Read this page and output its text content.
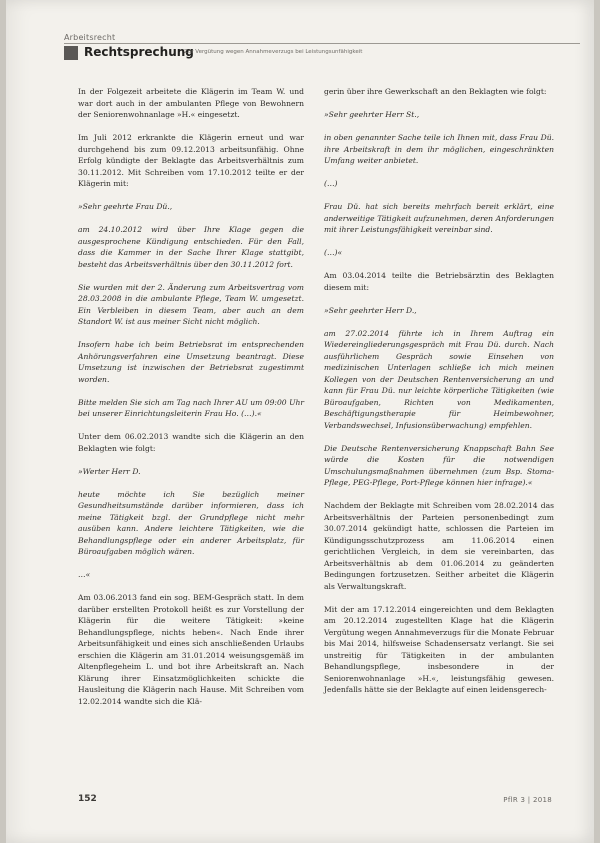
Arbeitsrecht
Rechtsprechung
Zur Vergütung wegen Annahmeverzugs bei Leistungsunfähigkeit

In der Folgezeit arbeitete die Klägerin im Team W. und war dort auch in der ambulanten Pflege von Bewohnern der Seniorenwohnanlage »H.« eingesetzt.

Im Juli 2012 erkrankte die Klägerin erneut und war durchgehend bis zum 09.12.2013 arbeitsunfähig. Ohne Erfolg kündigte der Beklagte das Arbeitsverhältnis zum 30.11.2012. Mit Schreiben vom 17.10.2012 teilte er der Klägerin mit:

»Sehr geehrte Frau Dü.,

am 24.10.2012 wird über Ihre Klage gegen die ausgesprochene Kündigung entschieden. Für den Fall, dass die Kammer in der Sache Ihrer Klage stattgibt, besteht das Arbeitsverhältnis über den 30.11.2012 fort.

Sie wurden mit der 2. Änderung zum Arbeitsvertrag vom 28.03.2008 in die ambulante Pflege, Team W. umgesetzt. Ein Verbleiben in diesem Team, aber auch an dem Standort W. ist aus meiner Sicht nicht möglich.

Insofern habe ich beim Betriebsrat im entsprechenden Anhörungsverfahren eine Umsetzung beantragt. Diese Umsetzung ist inzwischen der Betriebsrat zugestimmt worden.

Bitte melden Sie sich am Tag nach Ihrer AU um 09:00 Uhr bei unserer Einrichtungsleiterin Frau Ho. (…).«

Unter dem 06.02.2013 wandte sich die Klägerin an den Beklagten wie folgt:

»Werter Herr D.

heute möchte ich Sie bezüglich meiner Gesundheitsumstände darüber informieren, dass ich meine Tätigkeit bzgl. der Grundpflege nicht mehr ausüben kann. Andere leichtere Tätigkeiten, wie die Behandlungspflege oder ein anderer Arbeitsplatz, für Büroaufgaben möglich wären.

…«

Am 03.06.2013 fand ein sog. BEM-Gespräch statt. In dem darüber erstellten Protokoll heißt es zur Vorstellung der Klägerin für die weitere Tätigkeit: »keine Behandlungspflege, nichts heben«. Nach Ende ihrer Arbeitsunfähigkeit und eines sich anschließenden Urlaubs erschien die Klägerin am 31.01.2014 weisungsgemäß im Altenpflegeheim L. und bot ihre Arbeitskraft an. Nach Klärung ihrer Einsatzmöglichkeiten schickte die Hausleitung die Klägerin nach Hause. Mit Schreiben vom 12.02.2014 wandte sich die Klä-

gerin über ihre Gewerkschaft an den Beklagten wie folgt:

»Sehr geehrter Herr St.,

in oben genannter Sache teile ich Ihnen mit, dass Frau Dü. ihre Arbeitskraft in dem ihr möglichen, eingeschränkten Umfang weiter anbietet.

(…)

Frau Dü. hat sich bereits mehrfach bereit erklärt, eine anderweitige Tätigkeit aufzunehmen, deren Anforderungen mit ihrer Leistungsfähigkeit vereinbar sind.

(…)«

Am 03.04.2014 teilte die Betriebsärztin des Beklagten diesem mit:

»Sehr geehrter Herr D.,

am 27.02.2014 führte ich in Ihrem Auftrag ein Wiedereingliederungsgespräch mit Frau Dü. durch. Nach ausführlichem Gespräch sowie Einsehen von medizinischen Unterlagen schließe ich mich meinen Kollegen von der Deutschen Rentenversicherung an und kann für Frau Dü. nur leichte körperliche Tätigkeiten (wie Büroaufgaben, Richten von Medikamenten, Beschäftigungstherapie für Heimbewohner, Verbandswechsel, Infusionsüberwachung) empfehlen.

Die Deutsche Rentenversicherung Knappschaft Bahn See würde die Kosten für die notwendigen Umschulungsmaßnahmen übernehmen (zum Bsp. Stoma-Pflege, PEG-Pflege, Port-Pflege können hier infrage).«

Nachdem der Beklagte mit Schreiben vom 28.02.2014 das Arbeitsverhältnis der Parteien personenbedingt zum 30.07.2014 gekündigt hatte, schlossen die Parteien im Kündigungsschutzprozess am 11.06.2014 einen gerichtlichen Vergleich, in dem sie vereinbarten, das Arbeitsverhältnis ab dem 01.06.2014 zu geänderten Bedingungen fortzusetzen. Seither arbeitet die Klägerin als Verwaltungskraft.

Mit der am 17.12.2014 eingereichten und dem Beklagten am 20.12.2014 zugestellten Klage hat die Klägerin Vergütung wegen Annahmeverzugs für die Monate Februar bis Mai 2014, hilfsweise Schadensersatz verlangt. Sie sei unstreitig für Tätigkeiten in der ambulanten Behandlungspflege, insbesondere in der Seniorenwohnanlage »H.«, leistungsfähig gewesen. Jedenfalls hätte sie der Beklagte auf einen leidensgerech-

152	PflR 3 | 2018
